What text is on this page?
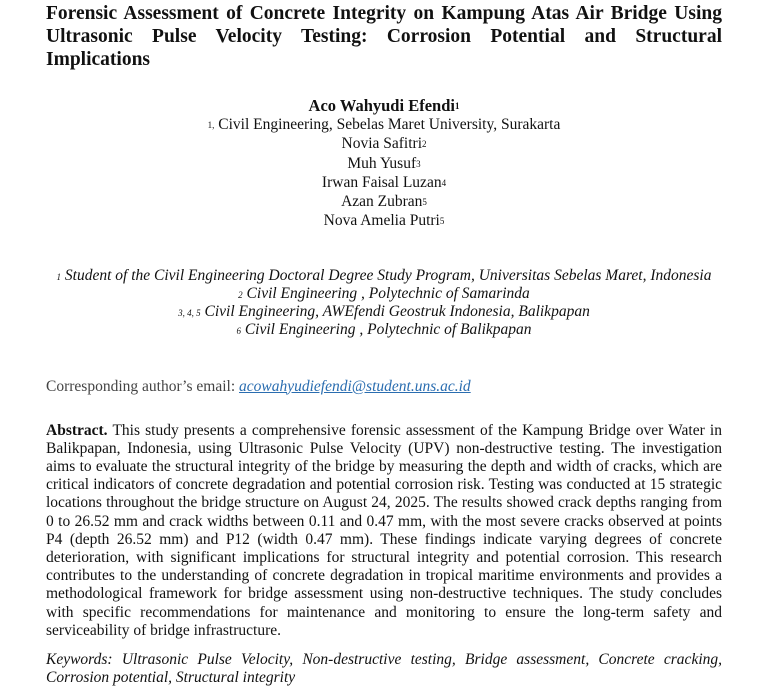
Forensic Assessment of Concrete Integrity on Kampung Atas Air Bridge Using Ultrasonic Pulse Velocity Testing: Corrosion Potential and Structural Implications
Aco Wahyudi Efendi$^1$
$^{1,}$ Civil Engineering, Sebelas Maret University, Surakarta
Novia Safitri$^2$
Muh Yusuf$^3$
Irwan Faisal Luzan$^4$
Azan Zubran$^5$
Nova Amelia Putri$^5$
$^1$ Student of the Civil Engineering Doctoral Degree Study Program, Universitas Sebelas Maret, Indonesia
$^2$ Civil Engineering , Polytechnic of Samarinda
$^{3, 4, 5}$ Civil Engineering, AWEfendi Geostruk Indonesia, Balikpapan
$^6$ Civil Engineering , Polytechnic of Balikpapan
Corresponding author’s email: acowahyudiefendi@student.uns.ac.id
Abstract. This study presents a comprehensive forensic assessment of the Kampung Bridge over Water in Balikpapan, Indonesia, using Ultrasonic Pulse Velocity (UPV) non-destructive testing. The investigation aims to evaluate the structural integrity of the bridge by measuring the depth and width of cracks, which are critical indicators of concrete degradation and potential corrosion risk. Testing was conducted at 15 strategic locations throughout the bridge structure on August 24, 2025. The results showed crack depths ranging from 0 to 26.52 mm and crack widths between 0.11 and 0.47 mm, with the most severe cracks observed at points P4 (depth 26.52 mm) and P12 (width 0.47 mm). These findings indicate varying degrees of concrete deterioration, with significant implications for structural integrity and potential corrosion. This research contributes to the understanding of concrete degradation in tropical maritime environments and provides a methodological framework for bridge assessment using non-destructive techniques. The study concludes with specific recommendations for maintenance and monitoring to ensure the long-term safety and serviceability of bridge infrastructure.
Keywords: Ultrasonic Pulse Velocity, Non-destructive testing, Bridge assessment, Concrete cracking, Corrosion potential, Structural integrity
